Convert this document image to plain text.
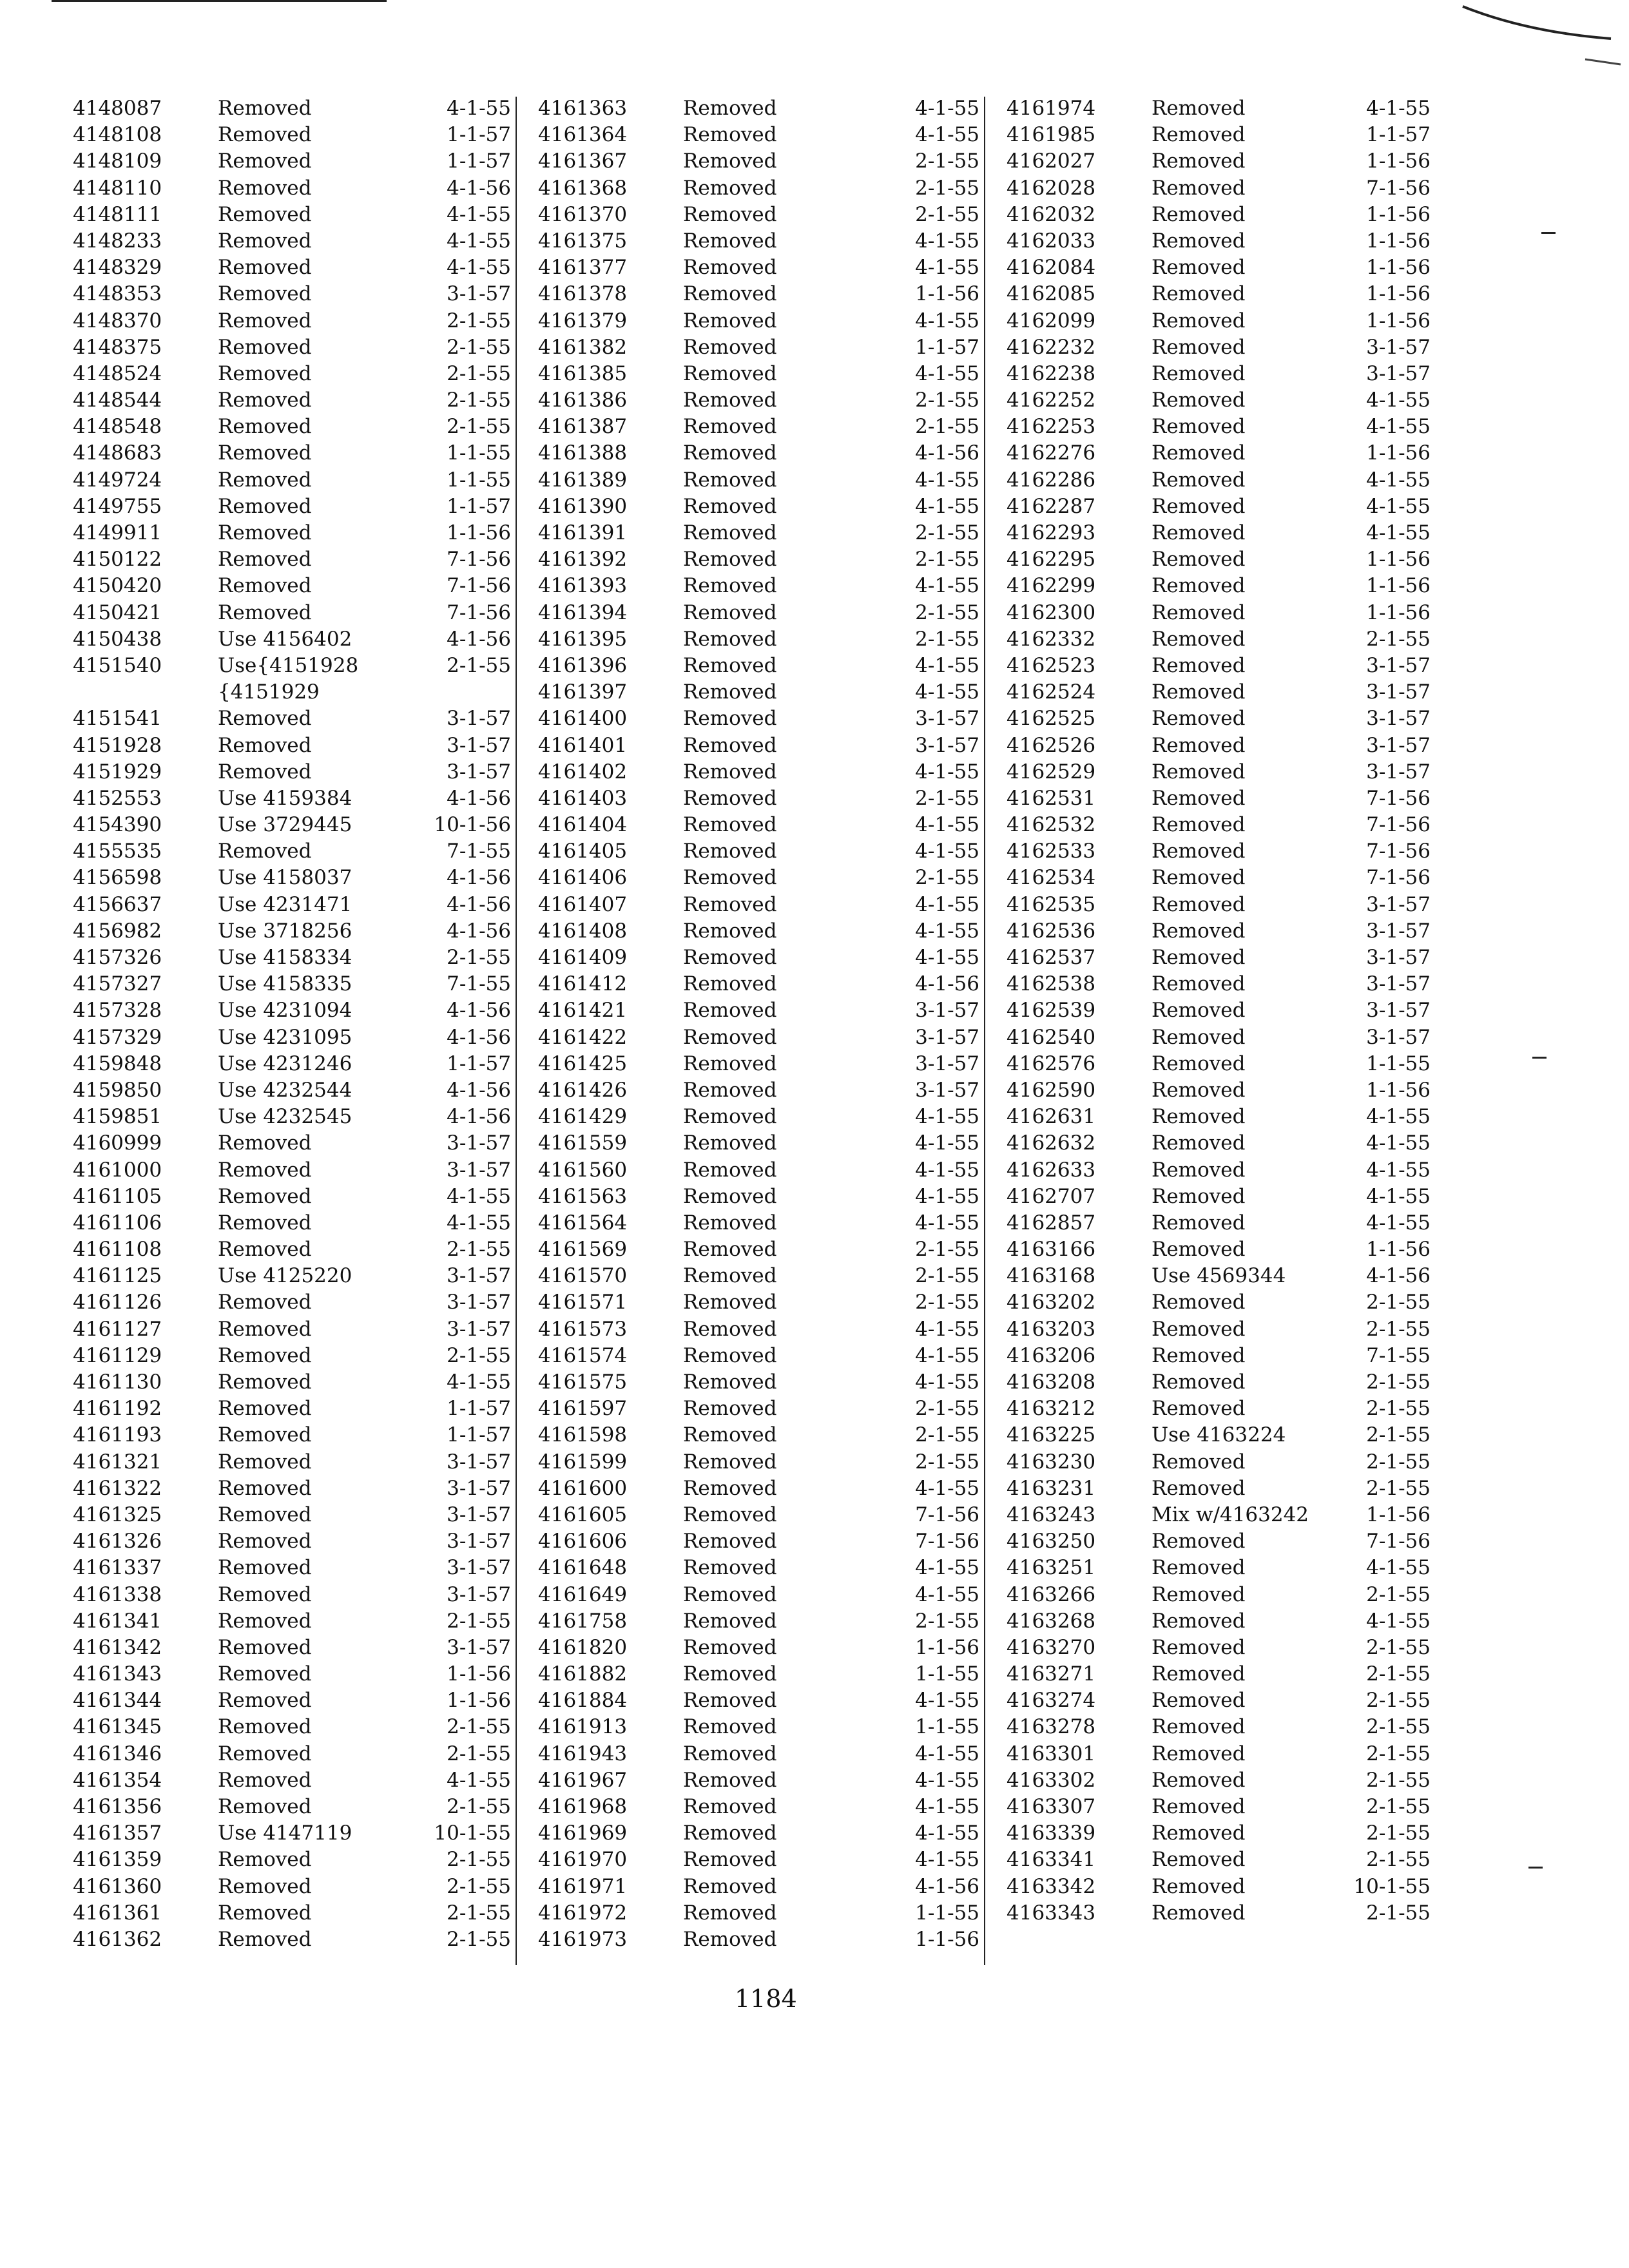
4148087	Removed	4-1-55
4148108	Removed	1-1-57
4148109	Removed	1-1-57
4148110	Removed	4-1-56
4148111	Removed	4-1-55
4148233	Removed	4-1-55
4148329	Removed	4-1-55
4148353	Removed	3-1-57
4148370	Removed	2-1-55
4148375	Removed	2-1-55
4148524	Removed	2-1-55
4148544	Removed	2-1-55
4148548	Removed	2-1-55
4148683	Removed	1-1-55
4149724	Removed	1-1-55
4149755	Removed	1-1-57
4149911	Removed	1-1-56
4150122	Removed	7-1-56
4150420	Removed	7-1-56
4150421	Removed	7-1-56
4150438	Use 4156402	4-1-56
4151540	Use{4151928	2-1-55
{4151929
4151541	Removed	3-1-57
4151928	Removed	3-1-57
4151929	Removed	3-1-57
4152553	Use 4159384	4-1-56
4154390	Use 3729445	10-1-56
4155535	Removed	7-1-55
4156598	Use 4158037	4-1-56
4156637	Use 4231471	4-1-56
4156982	Use 3718256	4-1-56
4157326	Use 4158334	2-1-55
4157327	Use 4158335	7-1-55
4157328	Use 4231094	4-1-56
4157329	Use 4231095	4-1-56
4159848	Use 4231246	1-1-57
4159850	Use 4232544	4-1-56
4159851	Use 4232545	4-1-56
4160999	Removed	3-1-57
4161000	Removed	3-1-57
4161105	Removed	4-1-55
4161106	Removed	4-1-55
4161108	Removed	2-1-55
4161125	Use 4125220	3-1-57
4161126	Removed	3-1-57
4161127	Removed	3-1-57
4161129	Removed	2-1-55
4161130	Removed	4-1-55
4161192	Removed	1-1-57
4161193	Removed	1-1-57
4161321	Removed	3-1-57
4161322	Removed	3-1-57
4161325	Removed	3-1-57
4161326	Removed	3-1-57
4161337	Removed	3-1-57
4161338	Removed	3-1-57
4161341	Removed	2-1-55
4161342	Removed	3-1-57
4161343	Removed	1-1-56
4161344	Removed	1-1-56
4161345	Removed	2-1-55
4161346	Removed	2-1-55
4161354	Removed	4-1-55
4161356	Removed	2-1-55
4161357	Use 4147119	10-1-55
4161359	Removed	2-1-55
4161360	Removed	2-1-55
4161361	Removed	2-1-55
4161362	Removed	2-1-55
4161363	Removed	4-1-55
4161364	Removed	4-1-55
4161367	Removed	2-1-55
4161368	Removed	2-1-55
4161370	Removed	2-1-55
4161375	Removed	4-1-55
4161377	Removed	4-1-55
4161378	Removed	1-1-56
4161379	Removed	4-1-55
4161382	Removed	1-1-57
4161385	Removed	4-1-55
4161386	Removed	2-1-55
4161387	Removed	2-1-55
4161388	Removed	4-1-56
4161389	Removed	4-1-55
4161390	Removed	4-1-55
4161391	Removed	2-1-55
4161392	Removed	2-1-55
4161393	Removed	4-1-55
4161394	Removed	2-1-55
4161395	Removed	2-1-55
4161396	Removed	4-1-55
4161397	Removed	4-1-55
4161400	Removed	3-1-57
4161401	Removed	3-1-57
4161402	Removed	4-1-55
4161403	Removed	2-1-55
4161404	Removed	4-1-55
4161405	Removed	4-1-55
4161406	Removed	2-1-55
4161407	Removed	4-1-55
4161408	Removed	4-1-55
4161409	Removed	4-1-55
4161412	Removed	4-1-56
4161421	Removed	3-1-57
4161422	Removed	3-1-57
4161425	Removed	3-1-57
4161426	Removed	3-1-57
4161429	Removed	4-1-55
4161559	Removed	4-1-55
4161560	Removed	4-1-55
4161563	Removed	4-1-55
4161564	Removed	4-1-55
4161569	Removed	2-1-55
4161570	Removed	2-1-55
4161571	Removed	2-1-55
4161573	Removed	4-1-55
4161574	Removed	4-1-55
4161575	Removed	4-1-55
4161597	Removed	2-1-55
4161598	Removed	2-1-55
4161599	Removed	2-1-55
4161600	Removed	4-1-55
4161605	Removed	7-1-56
4161606	Removed	7-1-56
4161648	Removed	4-1-55
4161649	Removed	4-1-55
4161758	Removed	2-1-55
4161820	Removed	1-1-56
4161882	Removed	1-1-55
4161884	Removed	4-1-55
4161913	Removed	1-1-55
4161943	Removed	4-1-55
4161967	Removed	4-1-55
4161968	Removed	4-1-55
4161969	Removed	4-1-55
4161970	Removed	4-1-55
4161971	Removed	4-1-56
4161972	Removed	1-1-55
4161973	Removed	1-1-56
4161974	Removed	4-1-55
4161985	Removed	1-1-57
4162027	Removed	1-1-56
4162028	Removed	7-1-56
4162032	Removed	1-1-56
4162033	Removed	1-1-56
4162084	Removed	1-1-56
4162085	Removed	1-1-56
4162099	Removed	1-1-56
4162232	Removed	3-1-57
4162238	Removed	3-1-57
4162252	Removed	4-1-55
4162253	Removed	4-1-55
4162276	Removed	1-1-56
4162286	Removed	4-1-55
4162287	Removed	4-1-55
4162293	Removed	4-1-55
4162295	Removed	1-1-56
4162299	Removed	1-1-56
4162300	Removed	1-1-56
4162332	Removed	2-1-55
4162523	Removed	3-1-57
4162524	Removed	3-1-57
4162525	Removed	3-1-57
4162526	Removed	3-1-57
4162529	Removed	3-1-57
4162531	Removed	7-1-56
4162532	Removed	7-1-56
4162533	Removed	7-1-56
4162534	Removed	7-1-56
4162535	Removed	3-1-57
4162536	Removed	3-1-57
4162537	Removed	3-1-57
4162538	Removed	3-1-57
4162539	Removed	3-1-57
4162540	Removed	3-1-57
4162576	Removed	1-1-55
4162590	Removed	1-1-56
4162631	Removed	4-1-55
4162632	Removed	4-1-55
4162633	Removed	4-1-55
4162707	Removed	4-1-55
4162857	Removed	4-1-55
4163166	Removed	1-1-56
4163168	Use 4569344	4-1-56
4163202	Removed	2-1-55
4163203	Removed	2-1-55
4163206	Removed	7-1-55
4163208	Removed	2-1-55
4163212	Removed	2-1-55
4163225	Use 4163224	2-1-55
4163230	Removed	2-1-55
4163231	Removed	2-1-55
4163243	Mix w/4163242	1-1-56
4163250	Removed	7-1-56
4163251	Removed	4-1-55
4163266	Removed	2-1-55
4163268	Removed	4-1-55
4163270	Removed	2-1-55
4163271	Removed	2-1-55
4163274	Removed	2-1-55
4163278	Removed	2-1-55
4163301	Removed	2-1-55
4163302	Removed	2-1-55
4163307	Removed	2-1-55
4163339	Removed	2-1-55
4163341	Removed	2-1-55
4163342	Removed	10-1-55
4163343	Removed	2-1-55
1184
